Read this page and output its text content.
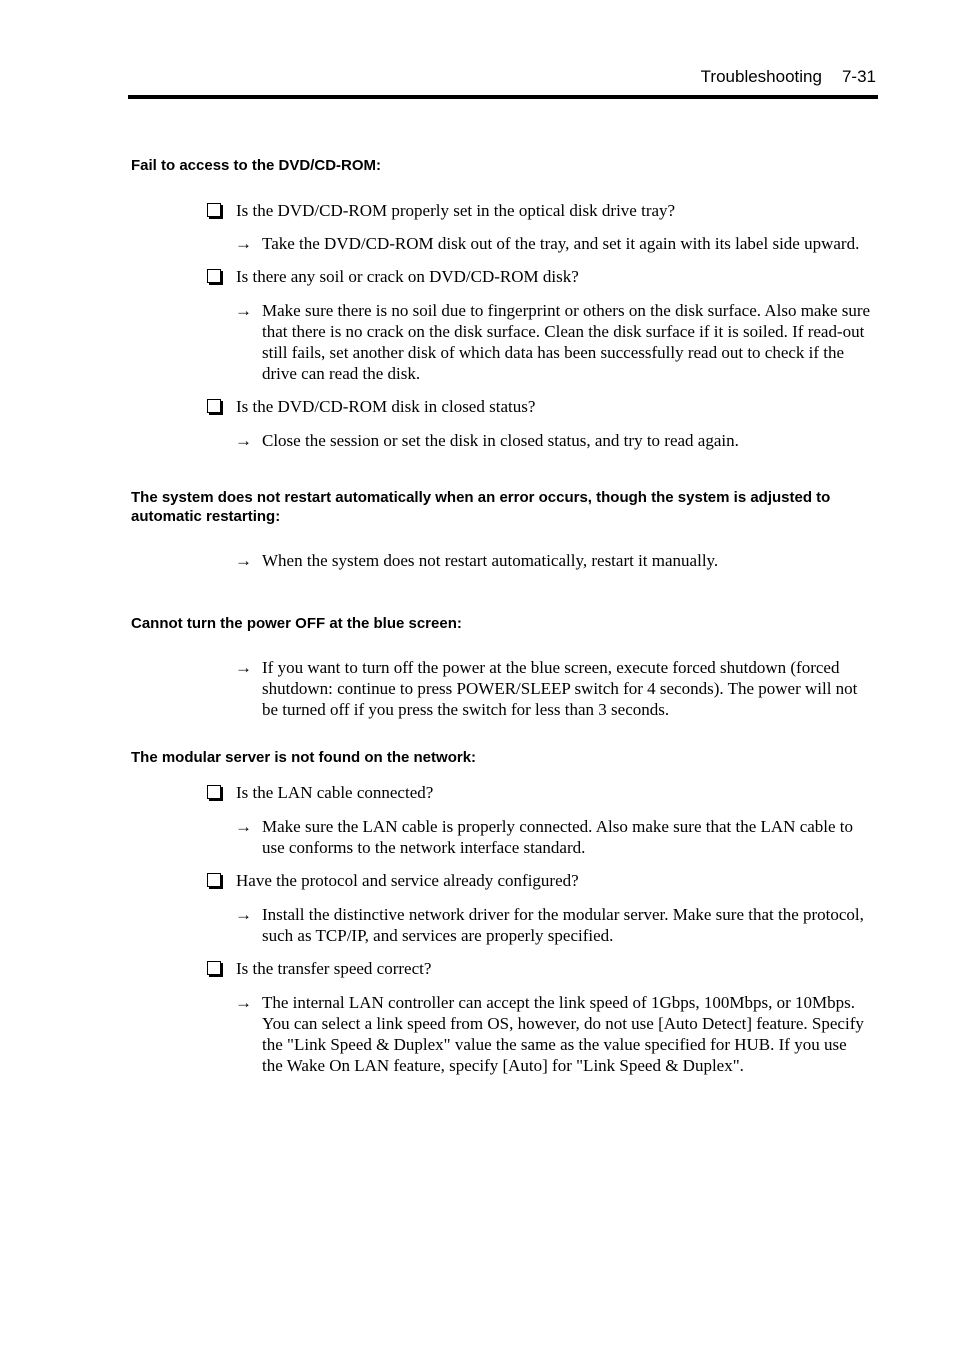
Troubleshooting 7-31
Fail to access to the DVD/CD-ROM:
Is the DVD/CD-ROM properly set in the optical disk drive tray?
→ Take the DVD/CD-ROM disk out of the tray, and set it again with its label side upward.
Is there any soil or crack on DVD/CD-ROM disk?
→ Make sure there is no soil due to fingerprint or others on the disk surface. Also make sure that there is no crack on the disk surface. Clean the disk surface if it is soiled. If read-out still fails, set another disk of which data has been successfully read out to check if the drive can read the disk.
Is the DVD/CD-ROM disk in closed status?
→ Close the session or set the disk in closed status, and try to read again.
The system does not restart automatically when an error occurs, though the system is adjusted to automatic restarting:
→ When the system does not restart automatically, restart it manually.
Cannot turn the power OFF at the blue screen:
→ If you want to turn off the power at the blue screen, execute forced shutdown (forced shutdown: continue to press POWER/SLEEP switch for 4 seconds). The power will not be turned off if you press the switch for less than 3 seconds.
The modular server is not found on the network:
Is the LAN cable connected?
→ Make sure the LAN cable is properly connected. Also make sure that the LAN cable to use conforms to the network interface standard.
Have the protocol and service already configured?
→ Install the distinctive network driver for the modular server. Make sure that the protocol, such as TCP/IP, and services are properly specified.
Is the transfer speed correct?
→ The internal LAN controller can accept the link speed of 1Gbps, 100Mbps, or 10Mbps. You can select a link speed from OS, however, do not use [Auto Detect] feature. Specify the "Link Speed & Duplex" value the same as the value specified for HUB. If you use the Wake On LAN feature, specify [Auto] for "Link Speed & Duplex".
